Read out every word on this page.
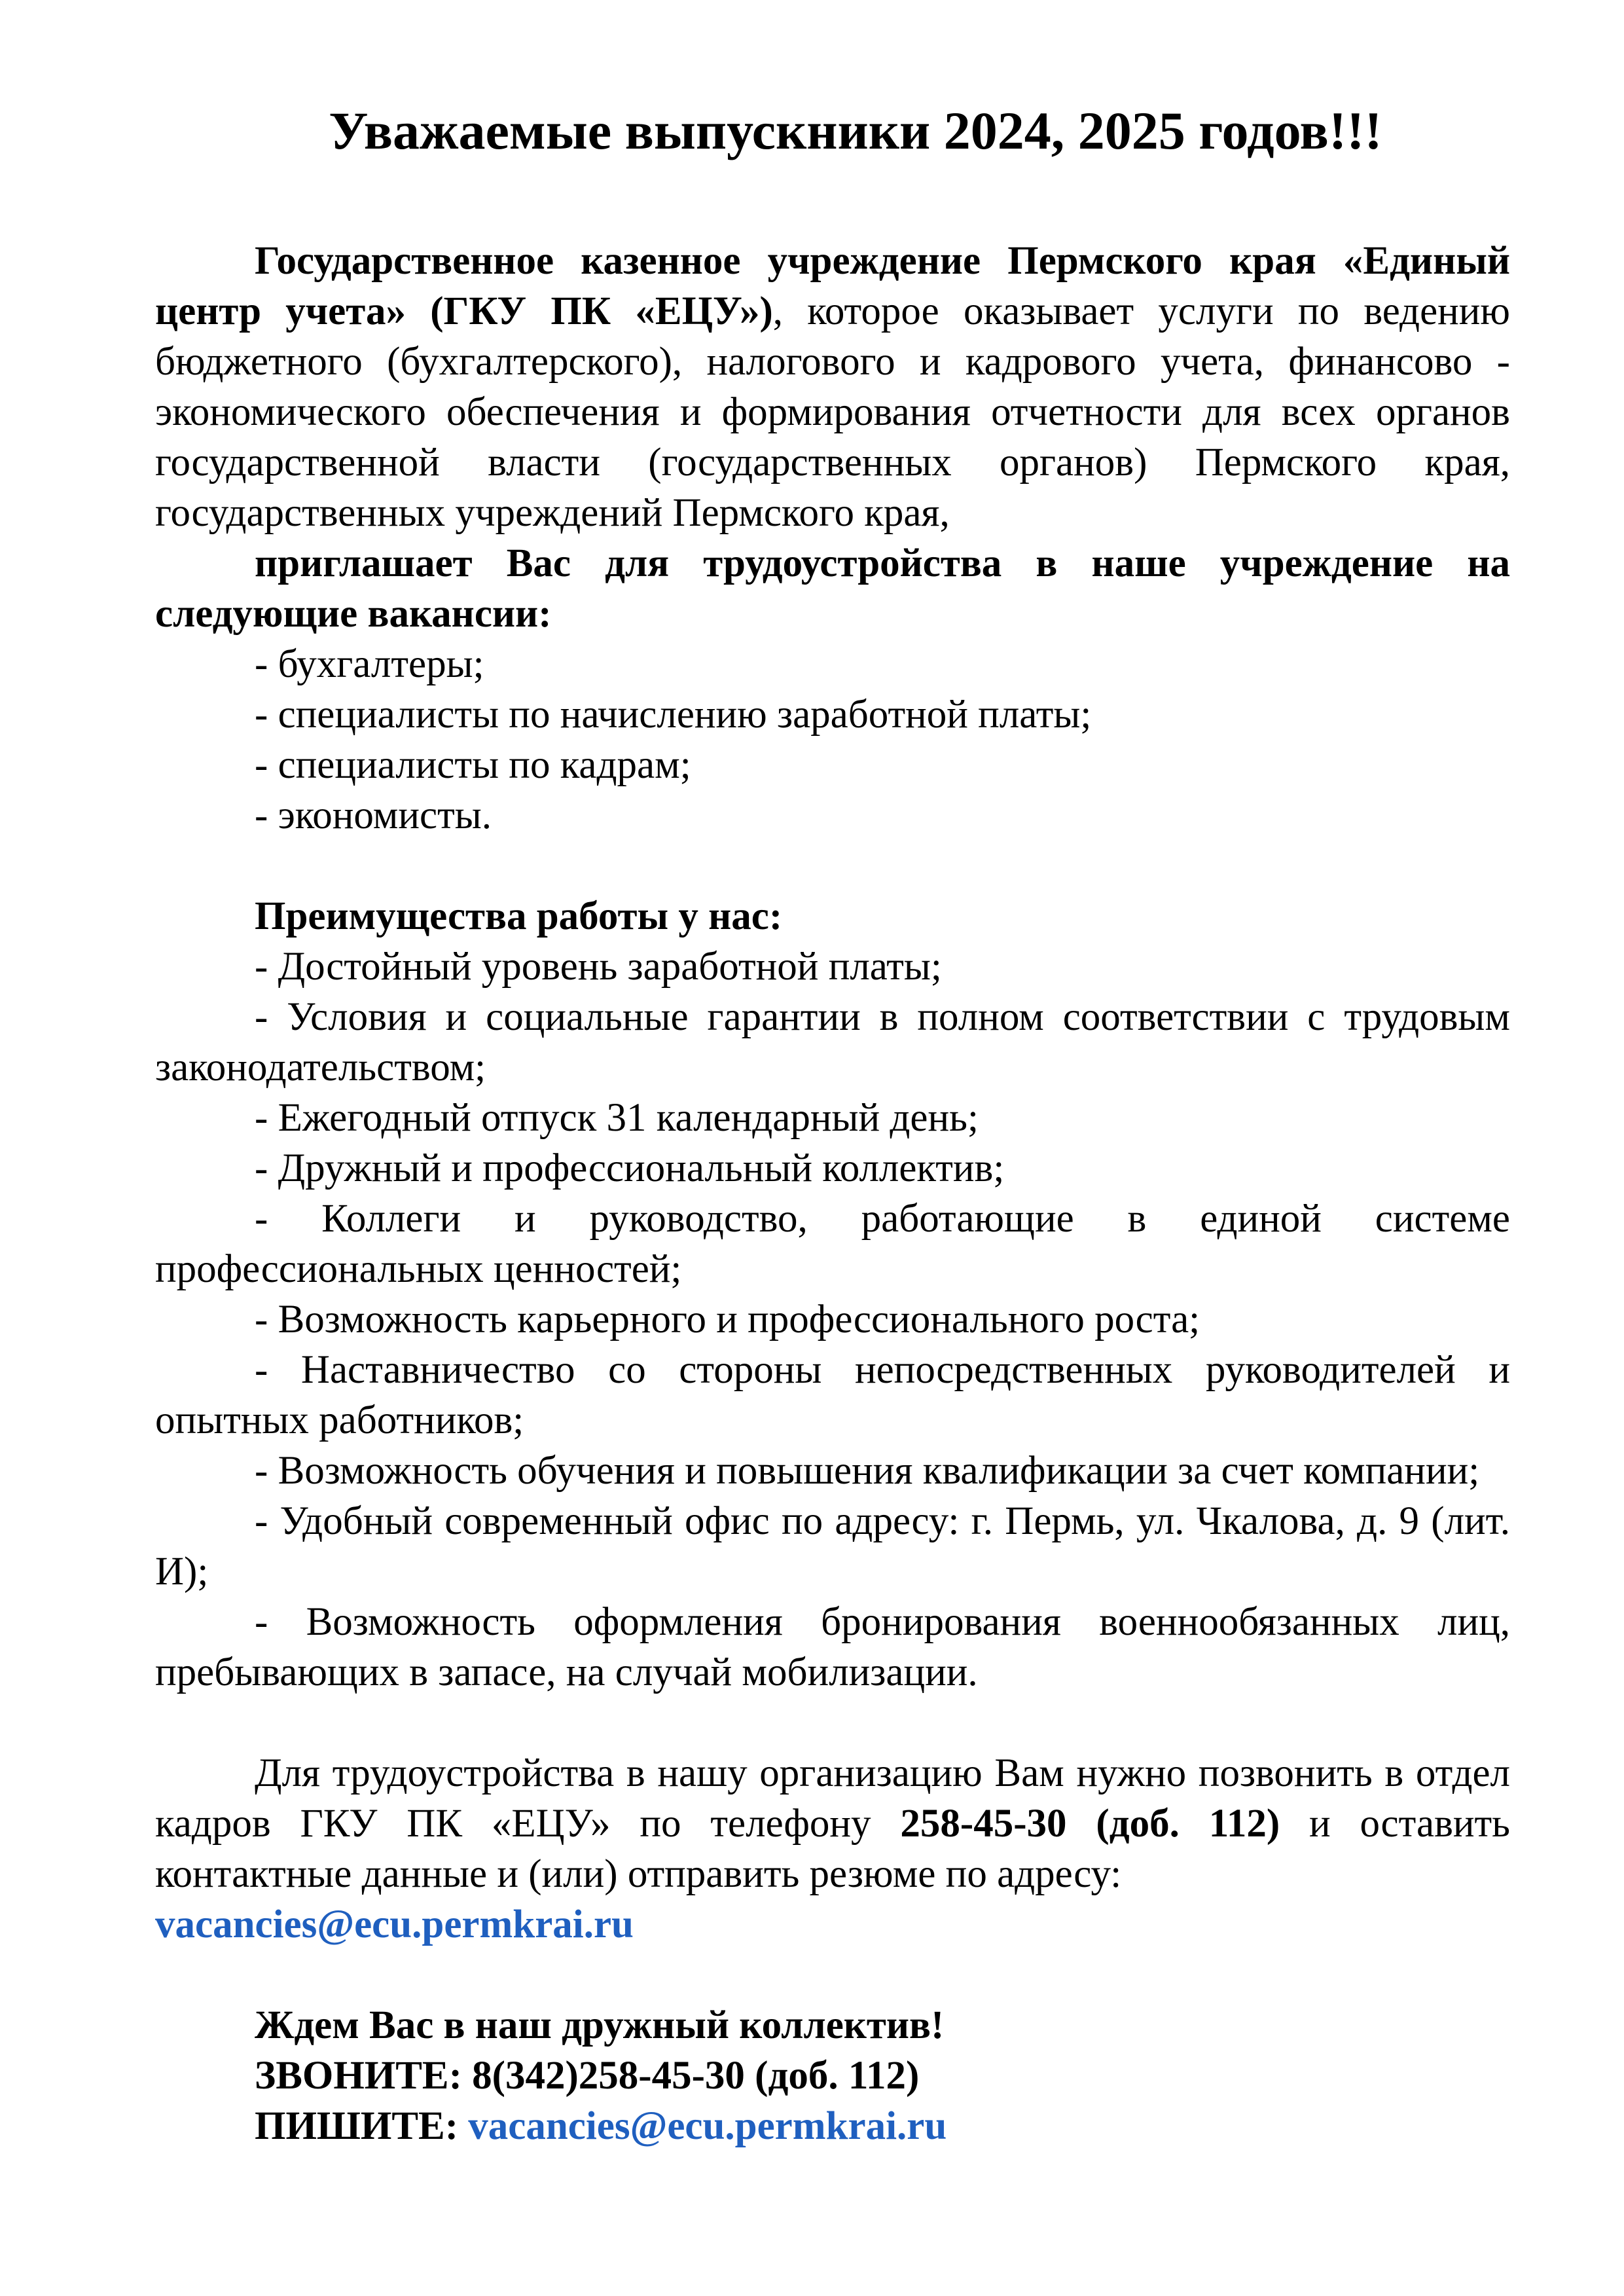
Уважаемые выпускники 2024, 2025 годов!!!

Государственное казенное учреждение Пермского края «Единый центр учета» (ГКУ ПК «ЕЦУ»), которое оказывает услуги по ведению бюджетного (бухгалтерского), налогового и кадрового учета, финансово - экономического обеспечения и формирования отчетности для всех органов государственной власти (государственных органов) Пермского края, государственных учреждений Пермского края,

приглашает Вас для трудоустройства в наше учреждение на следующие вакансии:

- бухгалтеры;

- специалисты по начислению заработной платы;

- специалисты по кадрам;

- экономисты.

Преимущества работы у нас:

- Достойный уровень заработной платы;

- Условия и социальные гарантии в полном соответствии с трудовым законодательством;

- Ежегодный отпуск 31 календарный день;

- Дружный и профессиональный коллектив;

- Коллеги и руководство, работающие в единой системе профессиональных ценностей;

- Возможность карьерного и профессионального роста;

- Наставничество со стороны непосредственных руководителей и опытных работников;

- Возможность обучения и повышения квалификации за счет компании;

- Удобный современный офис по адресу: г. Пермь, ул. Чкалова, д. 9 (лит. И);

- Возможность оформления бронирования военнообязанных лиц, пребывающих в запасе, на случай мобилизации.

Для трудоустройства в нашу организацию Вам нужно позвонить в отдел кадров ГКУ ПК «ЕЦУ» по телефону 258-45-30 (доб. 112) и оставить контактные данные и (или) отправить резюме по адресу:

vacancies@ecu.permkrai.ru

Ждем Вас в наш дружный коллектив!

ЗВОНИТЕ: 8(342)258-45-30 (доб. 112)

ПИШИТЕ: vacancies@ecu.permkrai.ru
